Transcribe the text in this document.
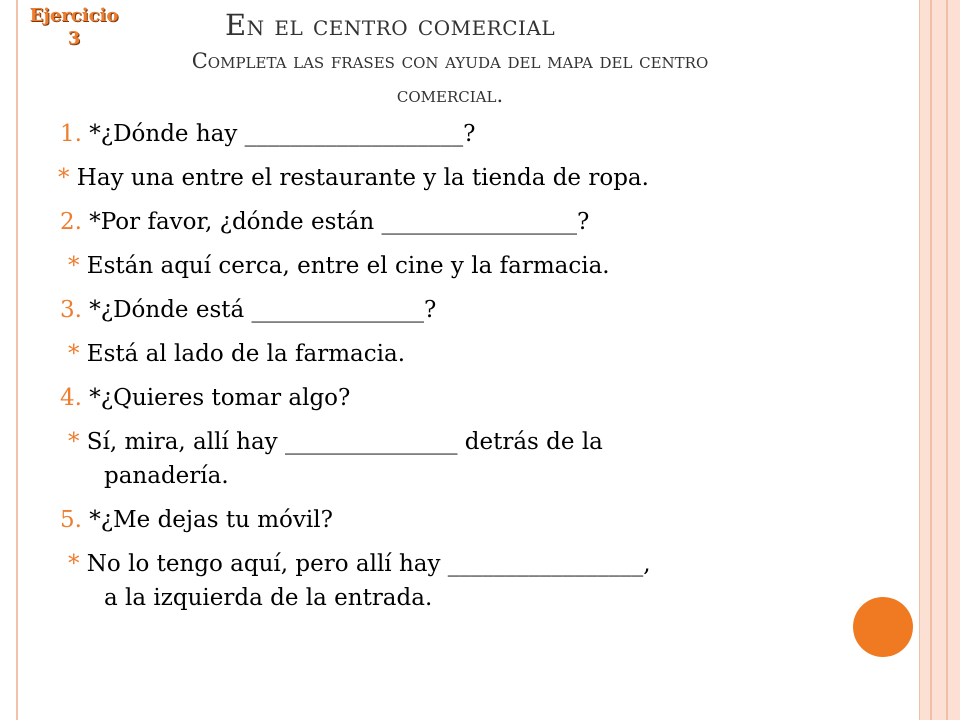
Ejercicio
3	En el centro comercial
Completa las frases con ayuda del mapa del centro
comercial.
1. *¿Dónde hay ___________________?
* Hay una entre el restaurante y la tienda de ropa.
2. *Por favor, ¿dónde están _________________?
* Están aquí cerca, entre el cine y la farmacia.
3. *¿Dónde está _______________?
* Está al lado de la farmacia.
4. *¿Quieres tomar algo?
* Sí, mira, allí hay _______________ detrás de la
panadería.
5. *¿Me dejas tu móvil?
* No lo tengo aquí, pero allí hay _________________,
a la izquierda de la entrada.
